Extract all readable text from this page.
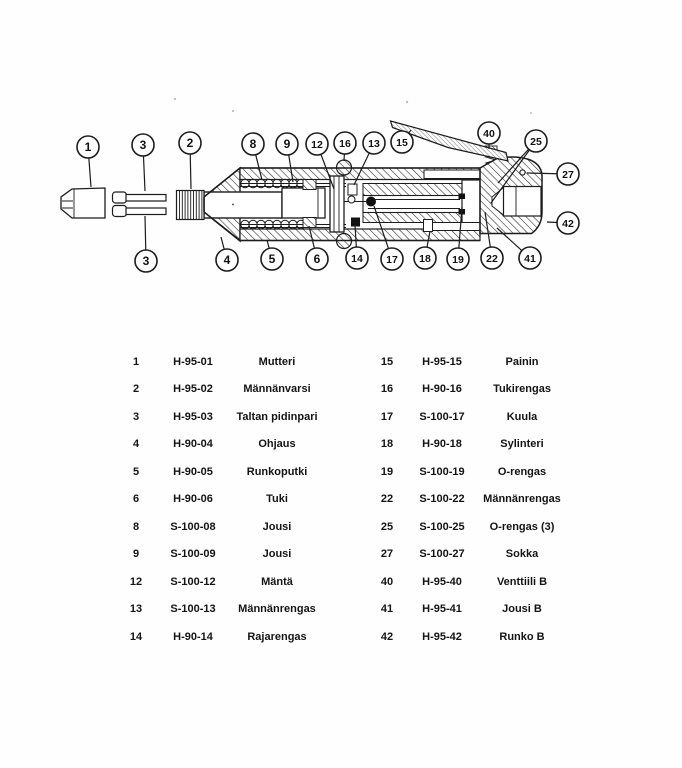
1	3	2	8 9 12 16 13 15
40
25
27
42
3	4	5	6	14 17 18 19 22	41
1	H-95-01	Mutteri
2	H-95-02	Männänvarsi
3	H-95-03	Taltan pidinpari
4	H-90-04	Ohjaus
5	H-90-05	Runkoputki
6	H-90-06	Tuki
8	S-100-08	Jousi
9	S-100-09	Jousi
12	S-100-12	Mäntä
13	S-100-13	Männänrengas
14	H-90-14	Rajarengas
15	H-95-15	Painin
16	H-90-16	Tukirengas
17	S-100-17	Kuula
18	H-90-18	Sylinteri
19	S-100-19	O-rengas
22	S-100-22	Männänrengas
25	S-100-25	O-rengas (3)
27	S-100-27	Sokka
40	H-95-40	Venttiili B
41	H-95-41	Jousi B
42	H-95-42	Runko B
